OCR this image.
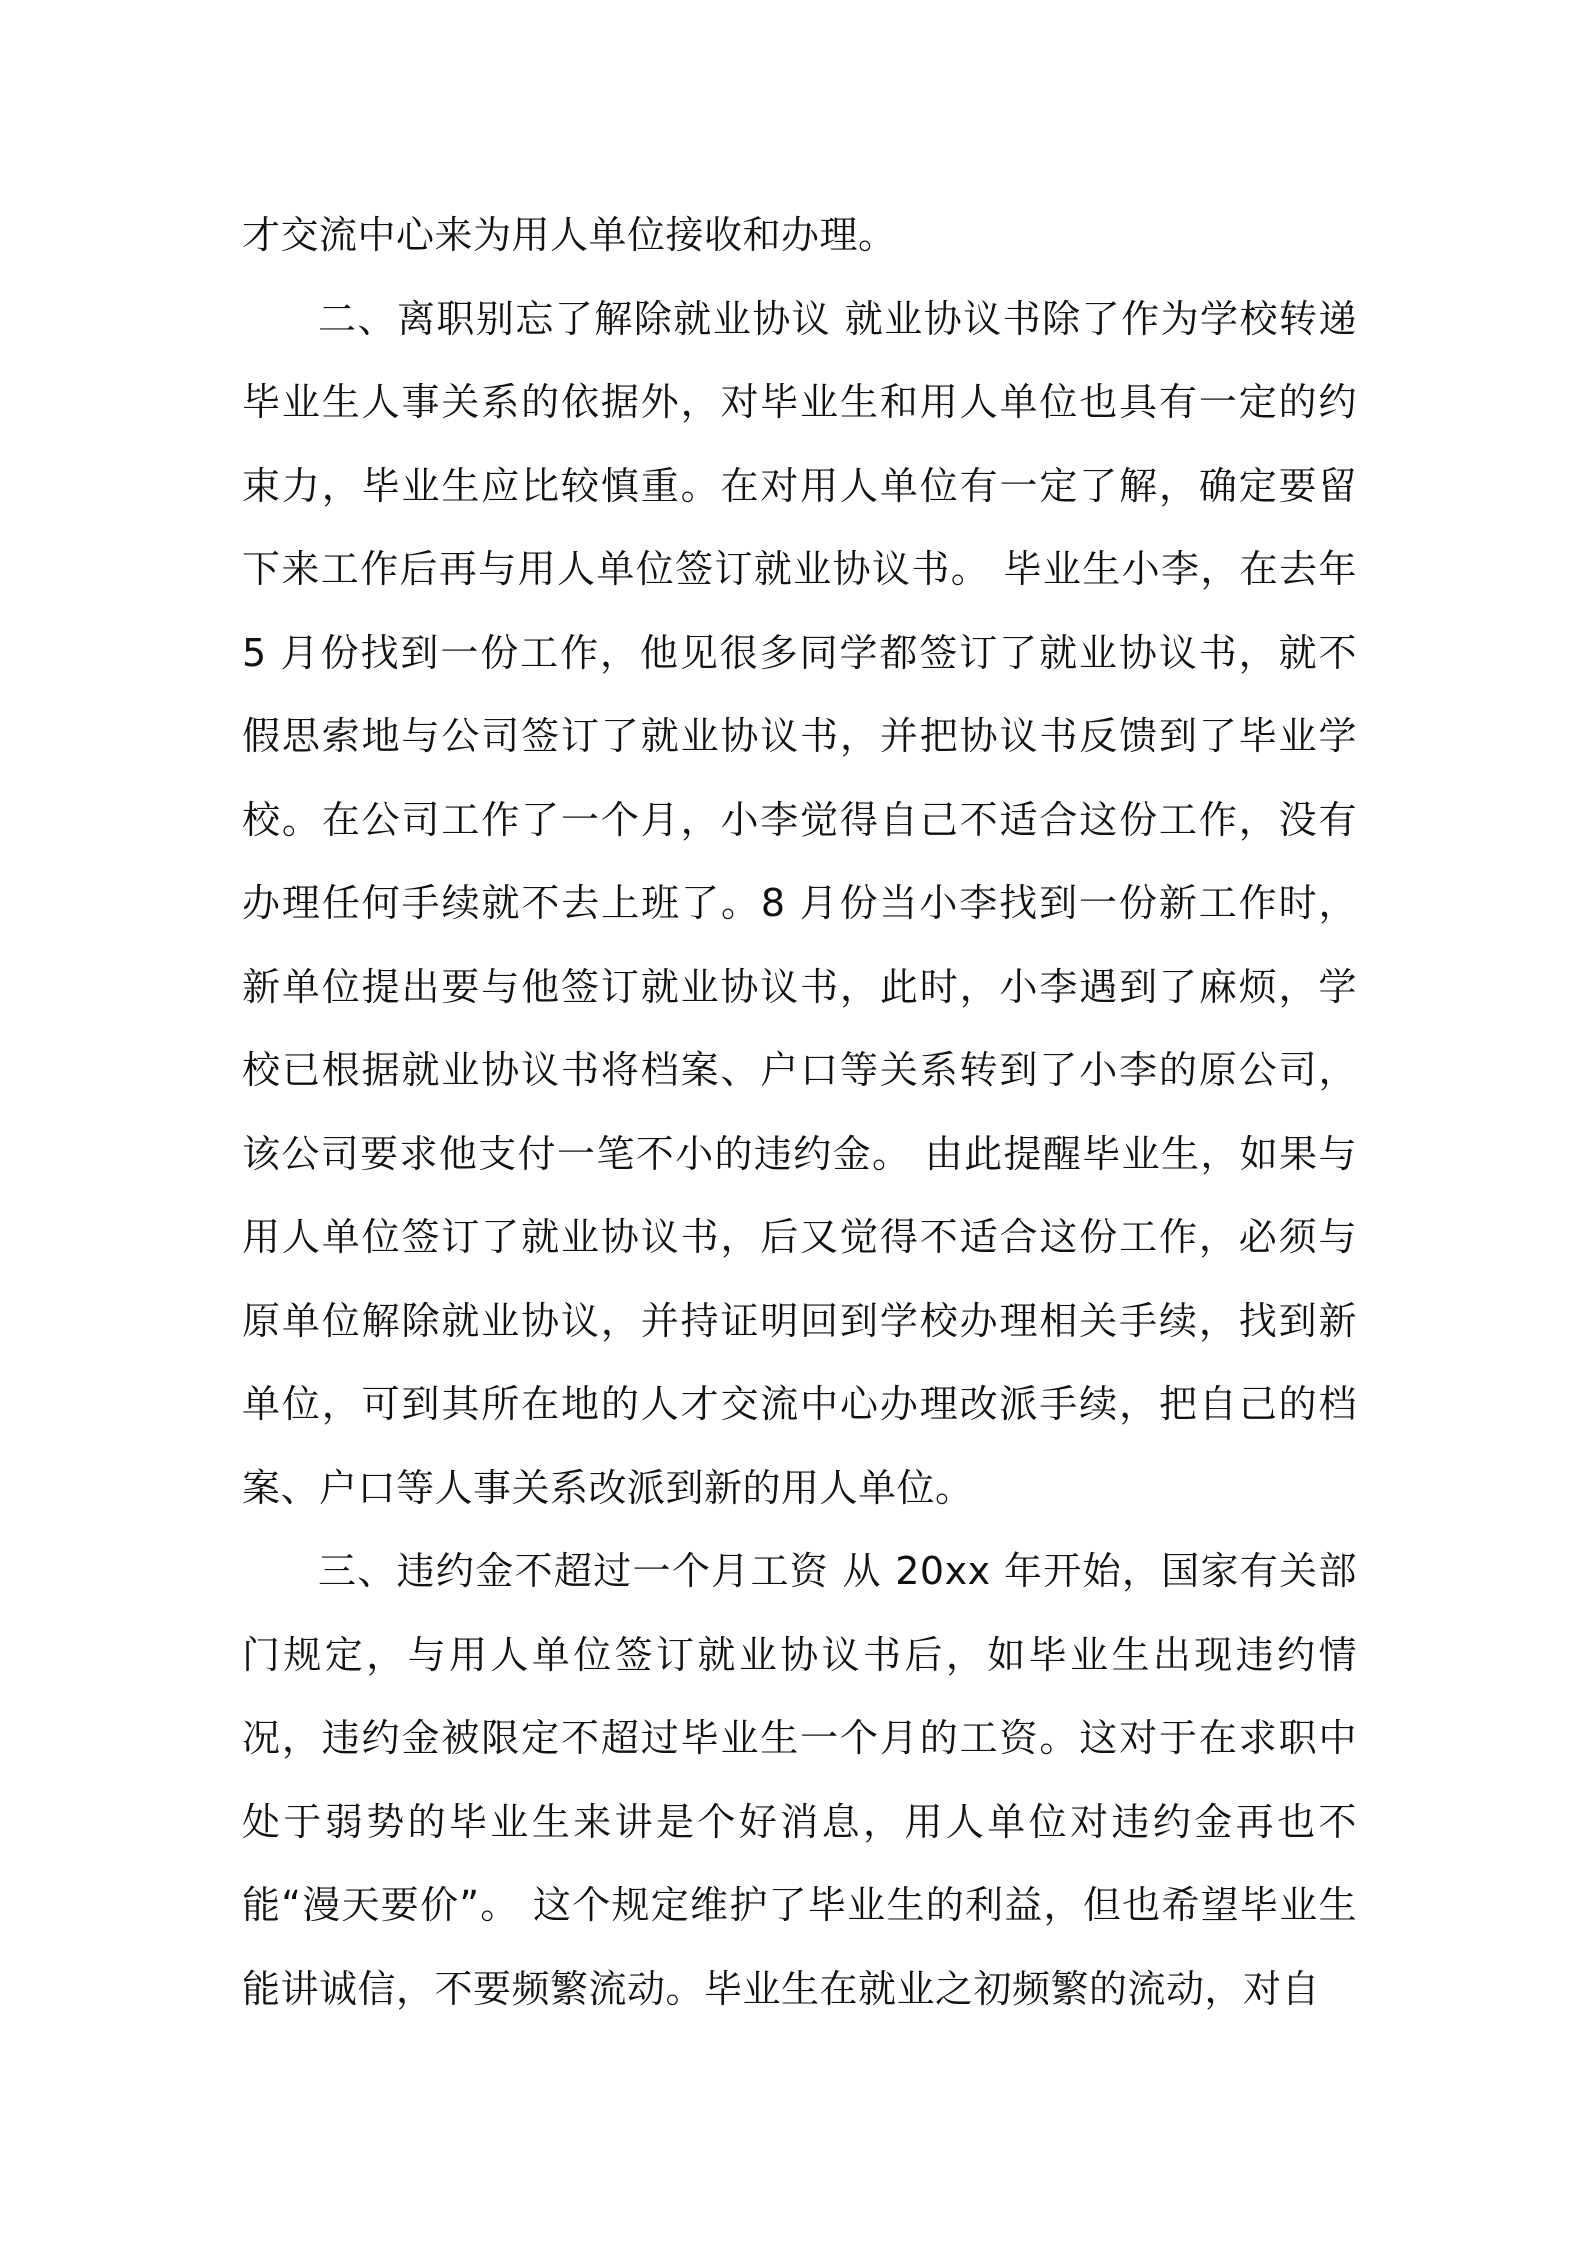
才交流中心来为用人单位接收和办理。

二、离职别忘了解除就业协议 就业协议书除了作为学校转递毕业生人事关系的依据外，对毕业生和用人单位也具有一定的约束力，毕业生应比较慎重。在对用人单位有一定了解，确定要留下来工作后再与用人单位签订就业协议书。 毕业生小李，在去年 5 月份找到一份工作，他见很多同学都签订了就业协议书，就不假思索地与公司签订了就业协议书，并把协议书反馈到了毕业学校。在公司工作了一个月，小李觉得自己不适合这份工作，没有办理任何手续就不去上班了。8 月份当小李找到一份新工作时，新单位提出要与他签订就业协议书，此时，小李遇到了麻烦，学校已根据就业协议书将档案、户口等关系转到了小李的原公司，该公司要求他支付一笔不小的违约金。 由此提醒毕业生，如果与用人单位签订了就业协议书，后又觉得不适合这份工作，必须与原单位解除就业协议，并持证明回到学校办理相关手续，找到新单位，可到其所在地的人才交流中心办理改派手续，把自己的档案、户口等人事关系改派到新的用人单位。

三、违约金不超过一个月工资 从 20xx 年开始，国家有关部门规定，与用人单位签订就业协议书后，如毕业生出现违约情况，违约金被限定不超过毕业生一个月的工资。这对于在求职中处于弱势的毕业生来讲是个好消息，用人单位对违约金再也不能“漫天要价”。 这个规定维护了毕业生的利益，但也希望毕业生能讲诚信，不要频繁流动。毕业生在就业之初频繁的流动，对自
